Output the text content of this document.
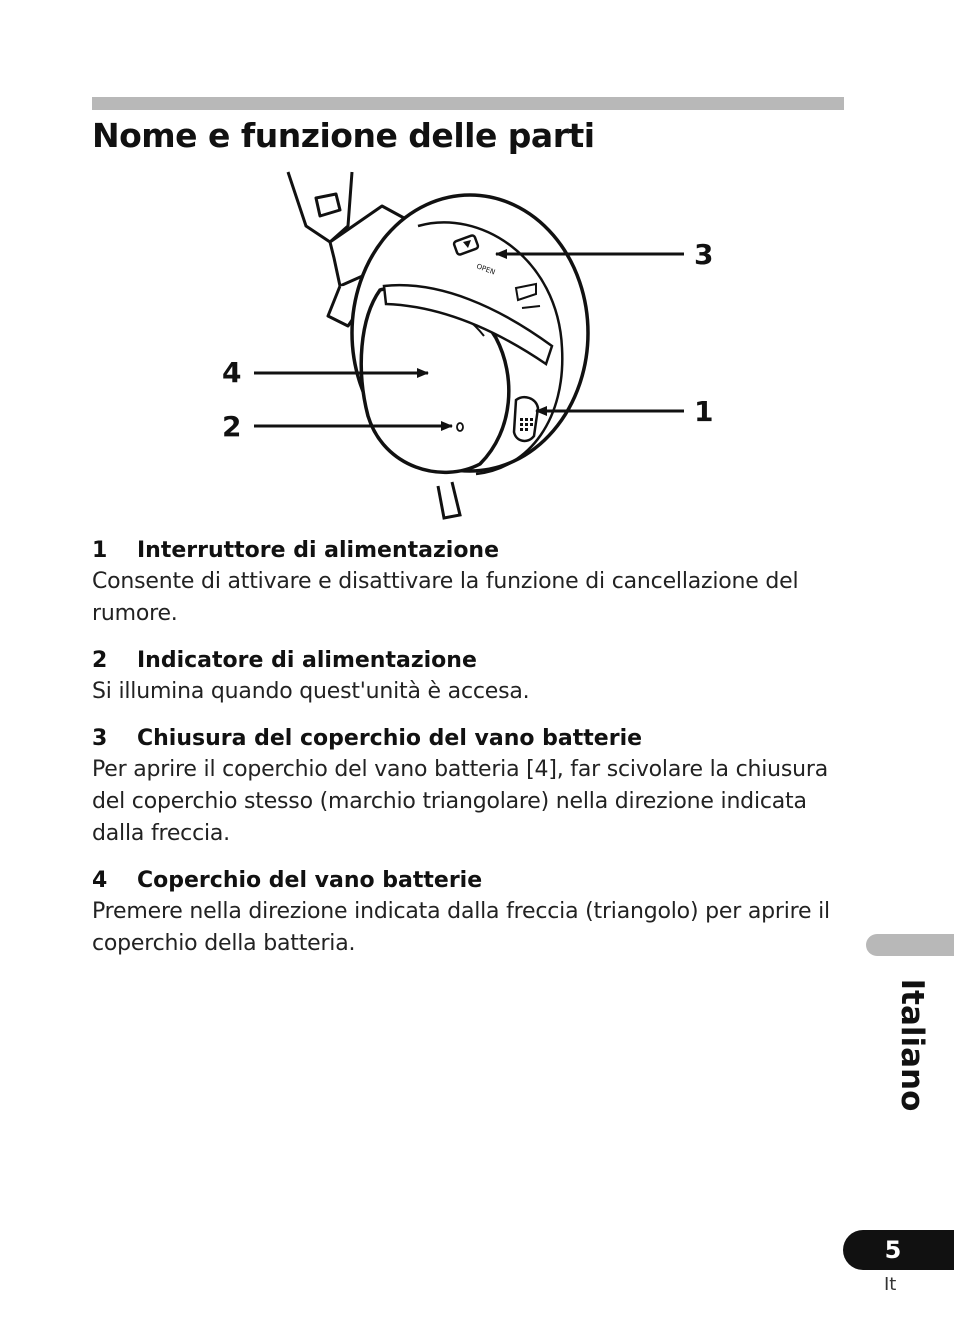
Nome e funzione delle parti
OPEN	3
1
4
2
1 Interruttore di alimentazione
Consente di attivare e disattivare la funzione di cancellazione del rumore.
2 Indicatore di alimentazione
Si illumina quando quest'unità è accesa.
3 Chiusura del coperchio del vano batterie
Per aprire il coperchio del vano batteria [4], far scivolare la chiusura del coperchio stesso (marchio triangolare) nella direzione indicata dalla freccia.
4 Coperchio del vano batterie
Premere nella direzione indicata dalla freccia (triangolo) per aprire il coperchio della batteria.
Italiano
5
It
